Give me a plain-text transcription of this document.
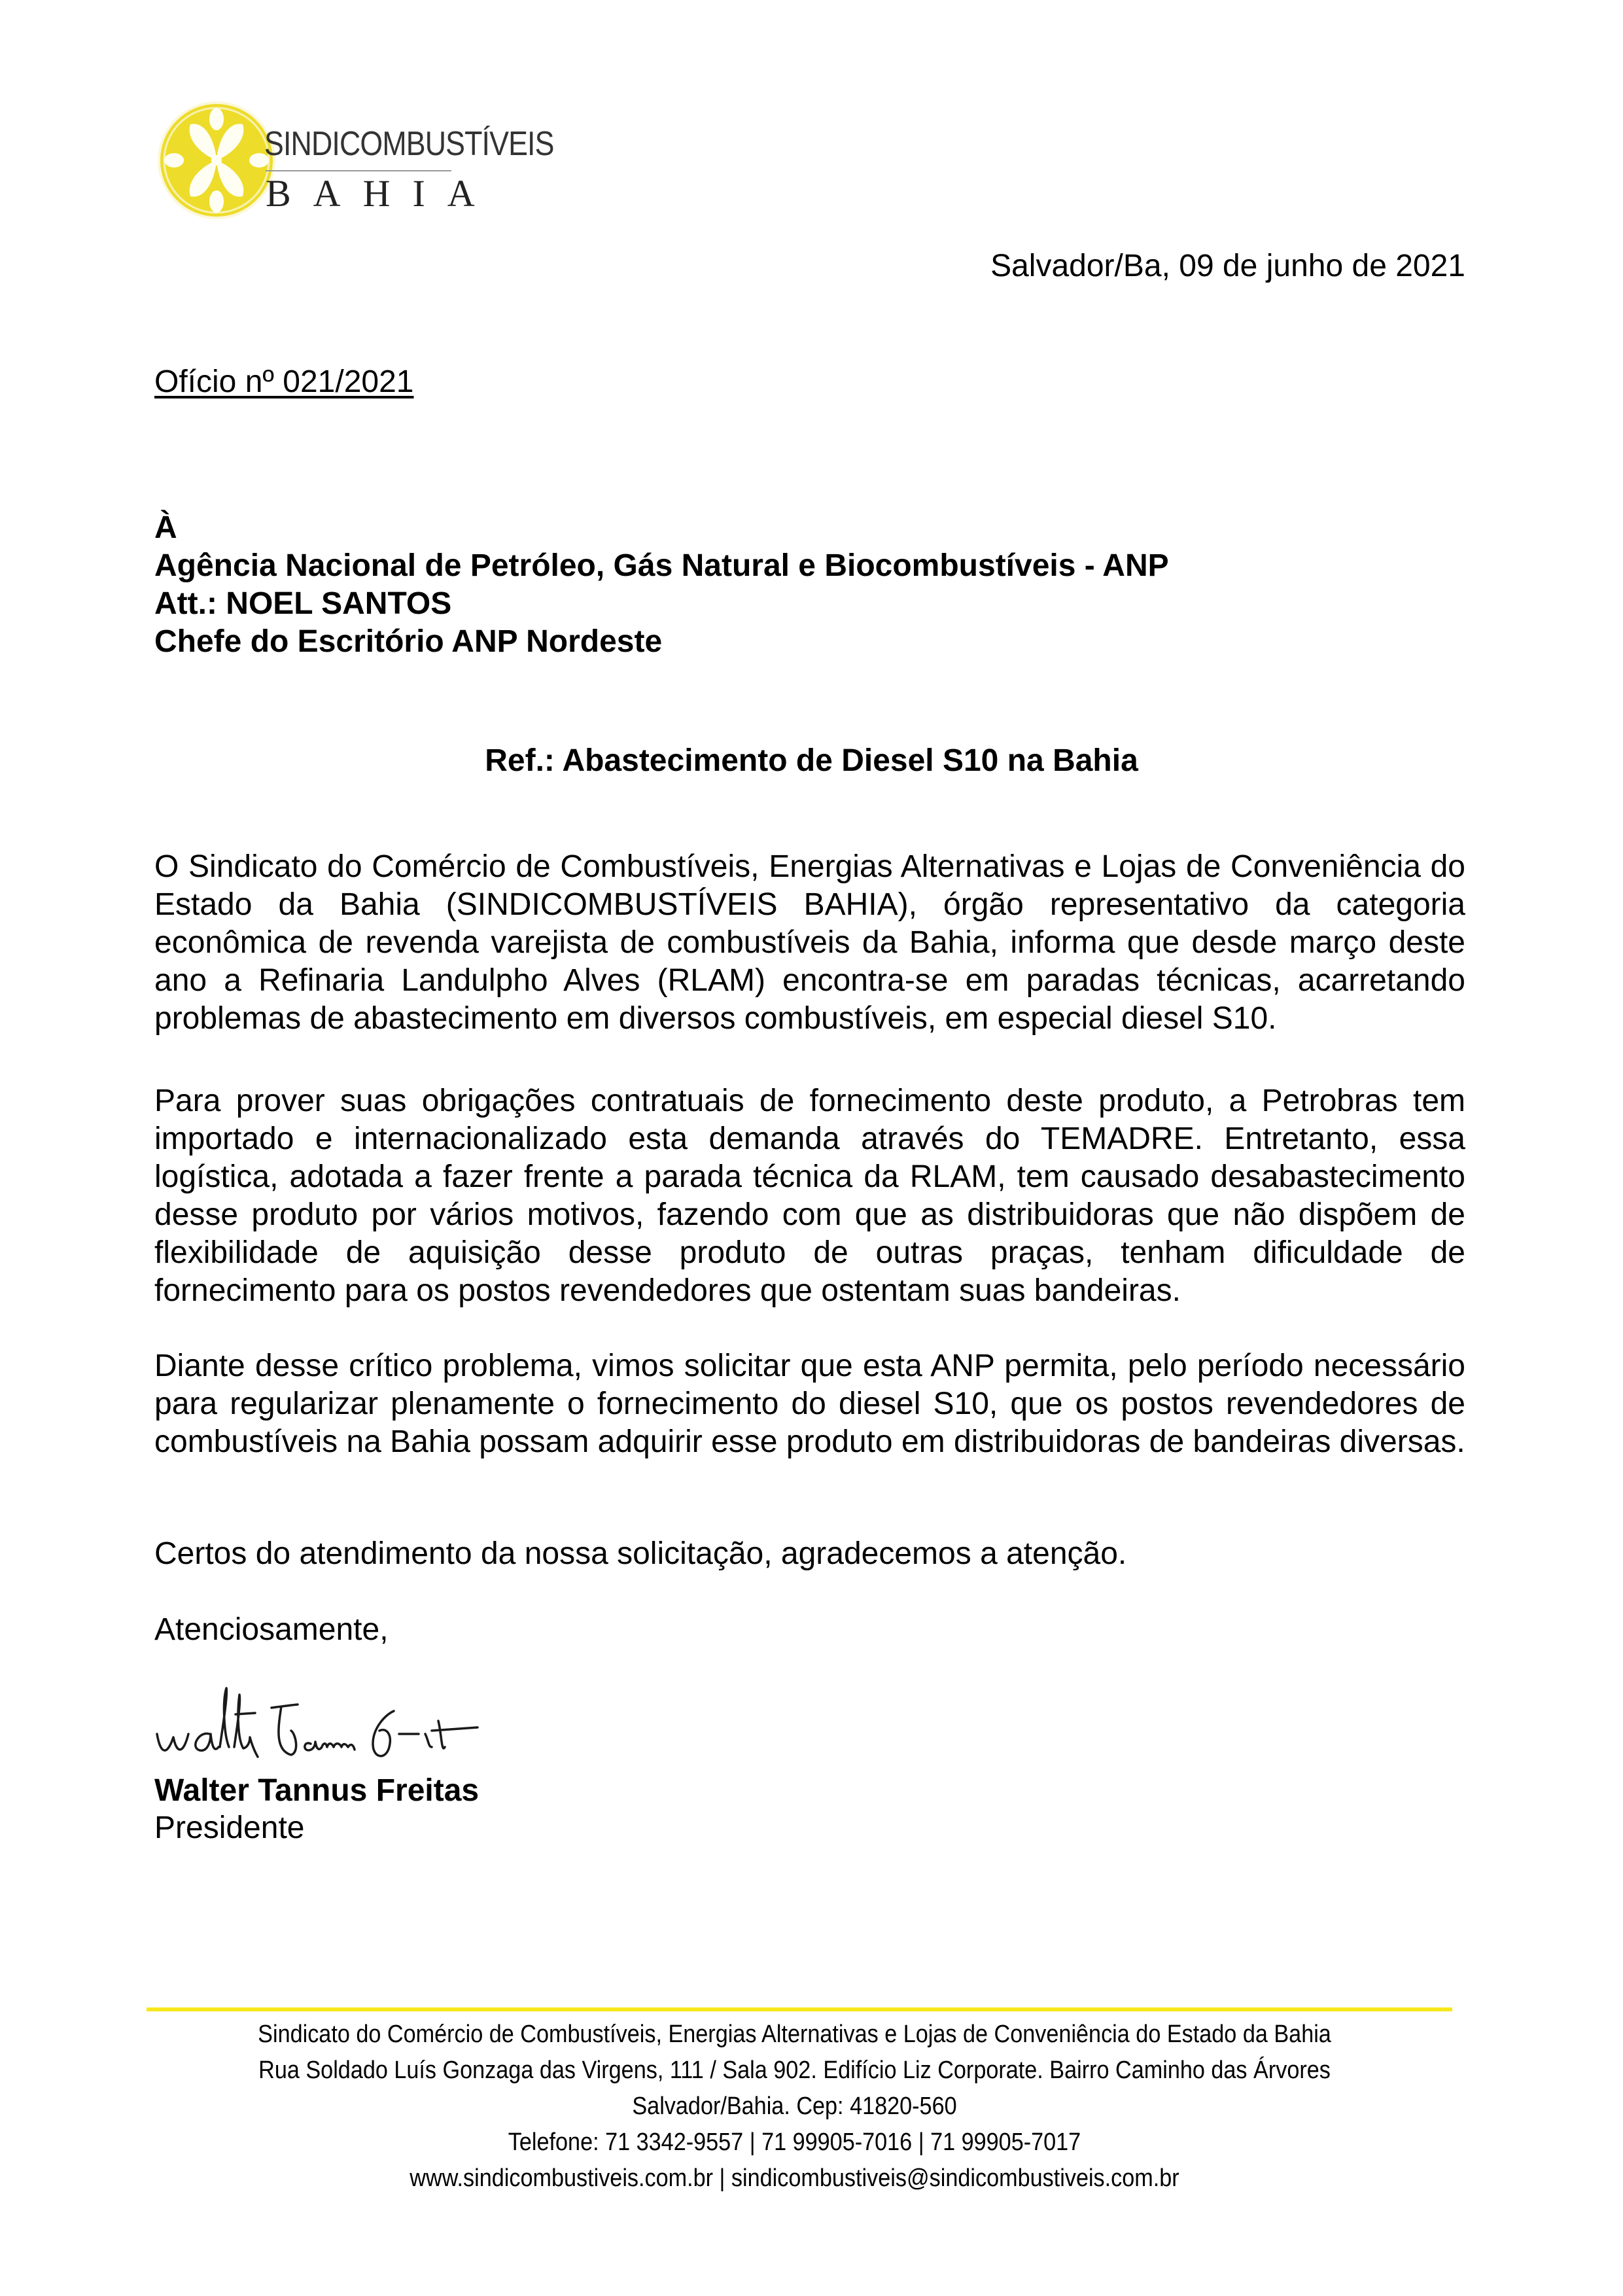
SINDICOMBUSTÍVEIS
BAHIA
Salvador/Ba, 09 de junho de 2021
Ofício nº 021/2021
À
Agência Nacional de Petróleo, Gás Natural e Biocombustíveis - ANP
Att.: NOEL SANTOS
Chefe do Escritório ANP Nordeste
Ref.: Abastecimento de Diesel S10 na Bahia
O Sindicato do Comércio de Combustíveis, Energias Alternativas e Lojas de Conveniência do Estado da Bahia (SINDICOMBUSTÍVEIS BAHIA), órgão representativo da categoria econômica de revenda varejista de combustíveis da Bahia, informa que desde março deste ano a Refinaria Landulpho Alves (RLAM) encontra-se em paradas técnicas, acarretando problemas de abastecimento em diversos combustíveis, em especial diesel S10.
Para prover suas obrigações contratuais de fornecimento deste produto, a Petrobras tem importado e internacionalizado esta demanda através do TEMADRE. Entretanto, essa logística, adotada a fazer frente a parada técnica da RLAM, tem causado desabastecimento desse produto por vários motivos, fazendo com que as distribuidoras que não dispõem de flexibilidade de aquisição desse produto de outras praças, tenham dificuldade de fornecimento para os postos revendedores que ostentam suas bandeiras.
Diante desse crítico problema, vimos solicitar que esta ANP permita, pelo período necessário para regularizar plenamente o fornecimento do diesel S10, que os postos revendedores de combustíveis na Bahia possam adquirir esse produto em distribuidoras de bandeiras diversas.
Certos do atendimento da nossa solicitação, agradecemos a atenção.
Atenciosamente,
Walter Tannus Freitas
Presidente
Sindicato do Comércio de Combustíveis, Energias Alternativas e Lojas de Conveniência do Estado da Bahia
Rua Soldado Luís Gonzaga das Virgens, 111 / Sala 902. Edifício Liz Corporate. Bairro Caminho das Árvores
Salvador/Bahia. Cep: 41820-560
Telefone: 71 3342-9557 | 71 99905-7016 | 71 99905-7017
www.sindicombustiveis.com.br | sindicombustiveis@sindicombustiveis.com.br
